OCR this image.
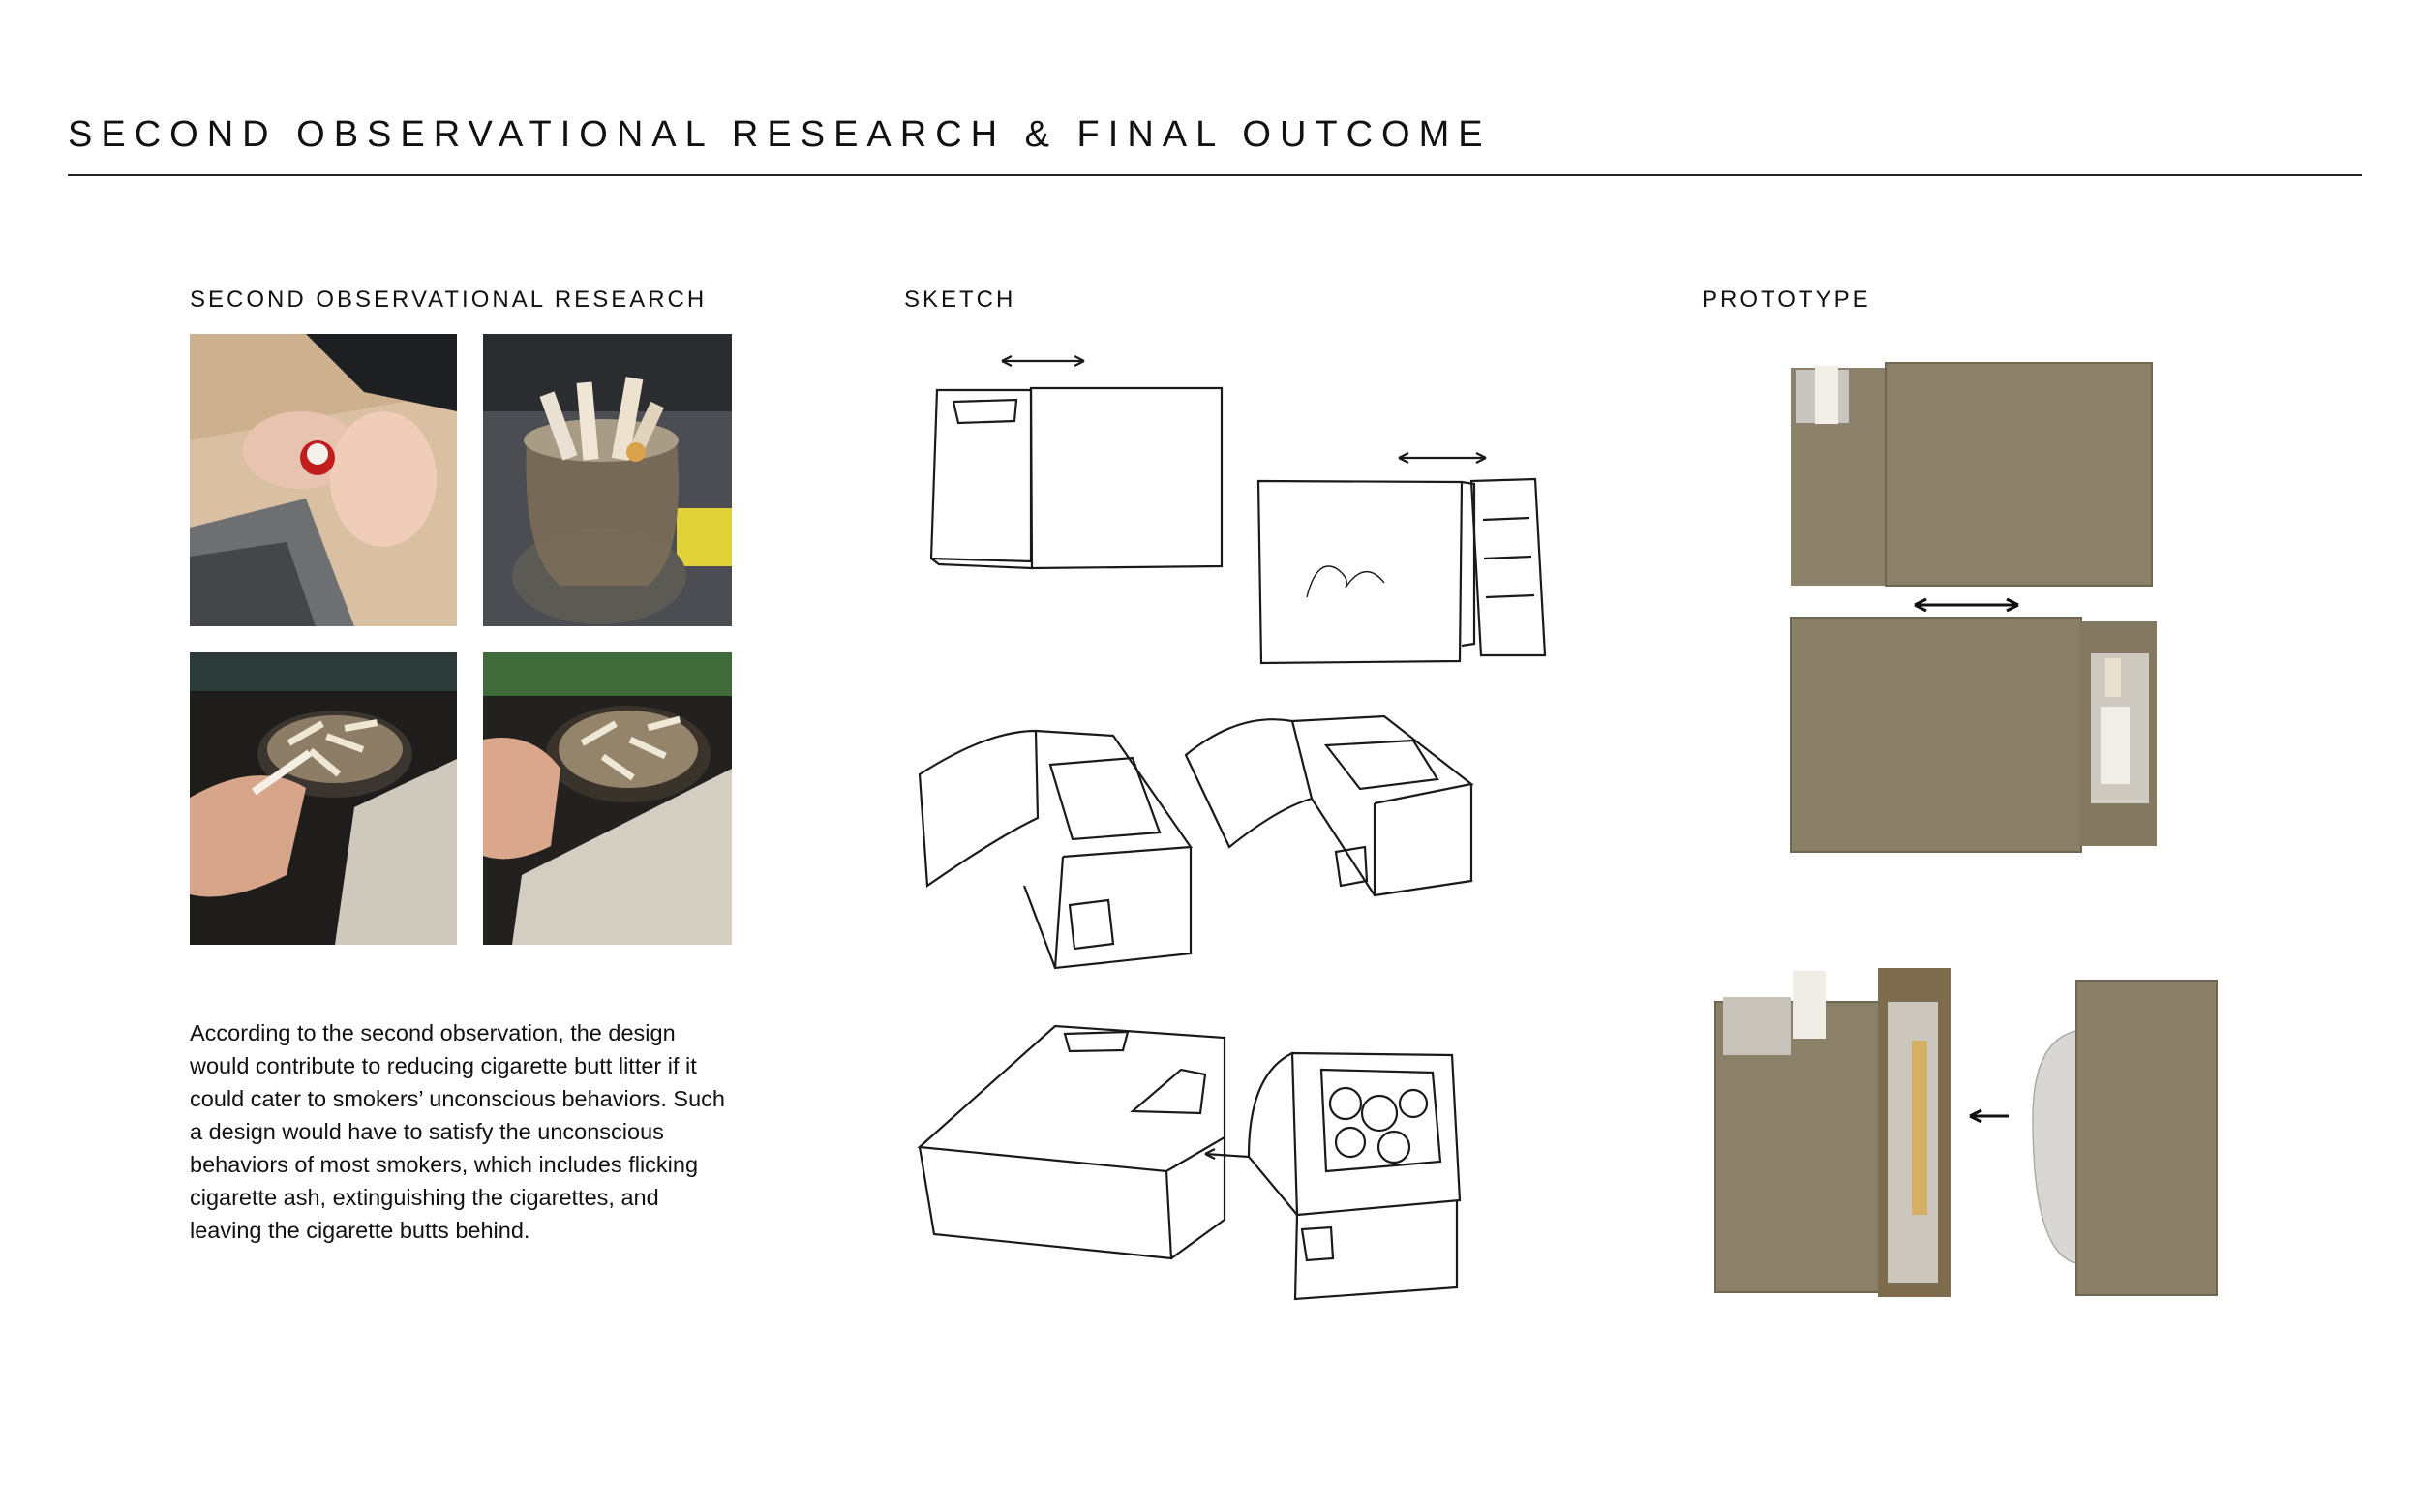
SECOND OBSERVATIONAL RESEARCH & FINAL OUTCOME
SECOND OBSERVATIONAL RESEARCH	SKETCH	PROTOTYPE

According to the second observation, the design would contribute to reducing cigarette butt litter if it could cater to smokers’ unconscious behaviors. Such a design would have to satisfy the unconscious behaviors of most smokers, which includes flicking cigarette ash, extinguishing the cigarettes, and leaving the cigarette butts behind.
